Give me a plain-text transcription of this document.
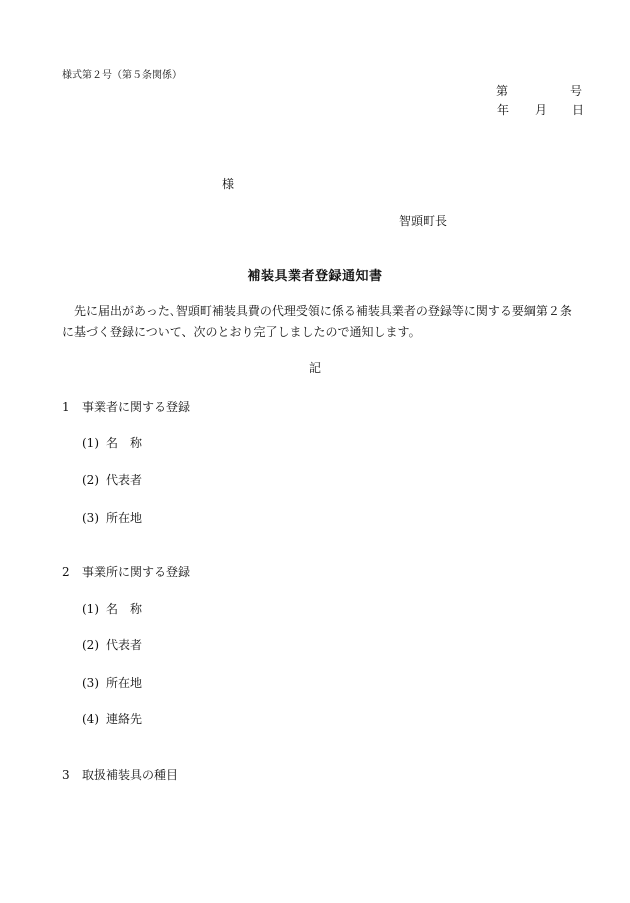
様式第２号（第５条関係）
第	号
年 月 日
様
智頭町長
補装具業者登録通知書
　先に届出があった､智頭町補装具費の代理受領に係る補装具業者の登録等に関する要綱第２条
に基づく登録について、次のとおり完了しましたので通知します。
記
1 事業者に関する登録
(1) 名　称
(2) 代表者
(3) 所在地
2 事業所に関する登録
(1) 名　称
(2) 代表者
(3) 所在地
(4) 連絡先
3 取扱補装具の種目
